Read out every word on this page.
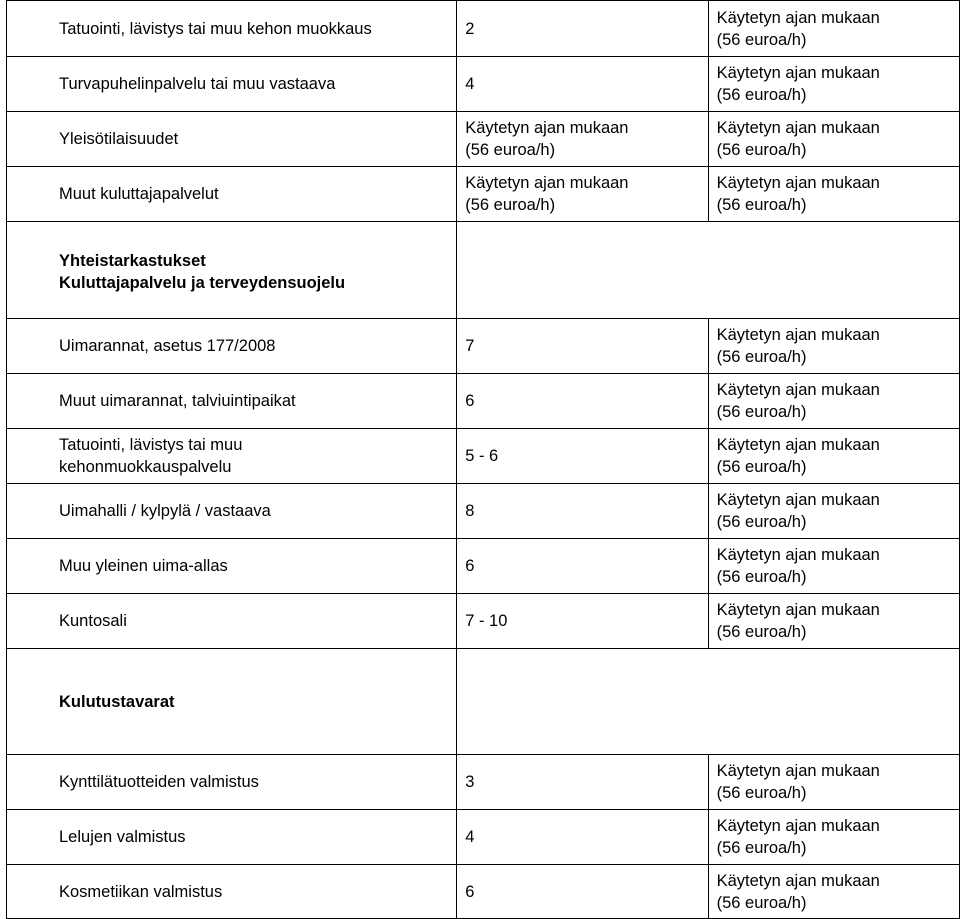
Tatuointi, lävistys tai muu kehon muokkaus	2	Käytetyn ajan mukaan
(56 euroa/h)

Turvapuhelinpalvelu tai muu vastaava	4	Käytetyn ajan mukaan
(56 euroa/h)

Yleisötilaisuudet	Käytetyn ajan mukaan
(56 euroa/h)	Käytetyn ajan mukaan
(56 euroa/h)

Muut kuluttajapalvelut	Käytetyn ajan mukaan
(56 euroa/h)	Käytetyn ajan mukaan
(56 euroa/h)

Yhteistarkastukset
Kuluttajapalvelu ja terveydensuojelu		

Uimarannat, asetus 177/2008	7	Käytetyn ajan mukaan
(56 euroa/h)

Muut uimarannat, talviuintipaikat	6	Käytetyn ajan mukaan
(56 euroa/h)

Tatuointi, lävistys tai muu
kehonmuokkauspalvelu	5 - 6	Käytetyn ajan mukaan
(56 euroa/h)

Uimahalli / kylpylä / vastaava	8	Käytetyn ajan mukaan
(56 euroa/h)

Muu yleinen uima-allas	6	Käytetyn ajan mukaan
(56 euroa/h)

Kuntosali	7 - 10	Käytetyn ajan mukaan
(56 euroa/h)

Kulutustavarat		
Kynttilätuotteiden valmistus	3	Käytetyn ajan mukaan
(56 euroa/h)

Lelujen valmistus	4	Käytetyn ajan mukaan
(56 euroa/h)

Kosmetiikan valmistus	6	Käytetyn ajan mukaan
(56 euroa/h)
